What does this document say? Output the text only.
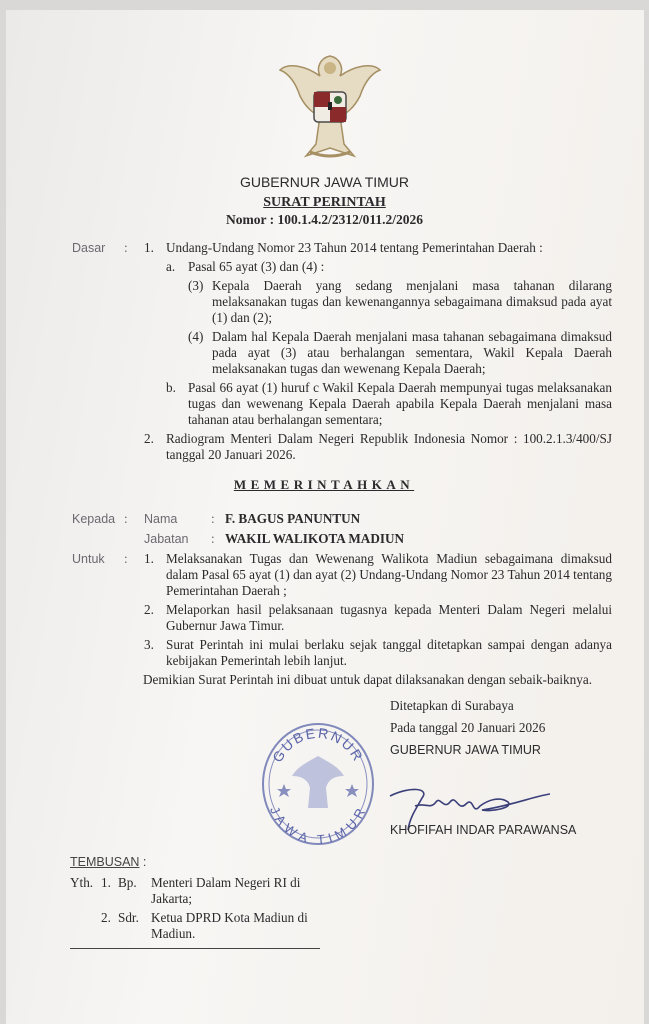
GUBERNUR JAWA TIMUR
SURAT PERINTAH
Nomor : 100.1.4.2/2312/011.2/2026
Dasar	:	1. Undang-Undang Nomor 23 Tahun 2014 tentang Pemerintahan Daerah :
a. Pasal 65 ayat (3) dan (4) :
(3) Kepala Daerah yang sedang menjalani masa tahanan dilarang melaksanakan tugas dan kewenangannya sebagaimana dimaksud pada ayat (1) dan (2);
(4) Dalam hal Kepala Daerah menjalani masa tahanan sebagaimana dimaksud pada ayat (3) atau berhalangan sementara, Wakil Kepala Daerah melaksanakan tugas dan wewenang Kepala Daerah;
b. Pasal 66 ayat (1) huruf c Wakil Kepala Daerah mempunyai tugas melaksanakan tugas dan wewenang Kepala Daerah apabila Kepala Daerah menjalani masa tahanan atau berhalangan sementara;
2. Radiogram Menteri Dalam Negeri Republik Indonesia Nomor : 100.2.1.3/400/SJ tanggal 20 Januari 2026.
MEMERINTAHKAN
Kepada :	Nama	: F. BAGUS PANUNTUN
Jabatan	: WAKIL WALIKOTA MADIUN
Untuk	:	1. Melaksanakan Tugas dan Wewenang Walikota Madiun sebagaimana dimaksud dalam Pasal 65 ayat (1) dan ayat (2) Undang-Undang Nomor 23 Tahun 2014 tentang Pemerintahan Daerah ;
2. Melaporkan hasil pelaksanaan tugasnya kepada Menteri Dalam Negeri melalui Gubernur Jawa Timur.
3. Surat Perintah ini mulai berlaku sejak tanggal ditetapkan sampai dengan adanya kebijakan Pemerintah lebih lanjut.
Demikian Surat Perintah ini dibuat untuk dapat dilaksanakan dengan sebaik-baiknya.
GUBERNUR
JAWA TIMUR
Ditetapkan di Surabaya
Pada tanggal 20 Januari 2026
GUBERNUR JAWA TIMUR
KHOFIFAH INDAR PARAWANSA
TEMBUSAN :
Yth. 1. Bp.	Menteri Dalam Negeri RI di Jakarta;
2. Sdr. Ketua DPRD Kota Madiun di Madiun.
